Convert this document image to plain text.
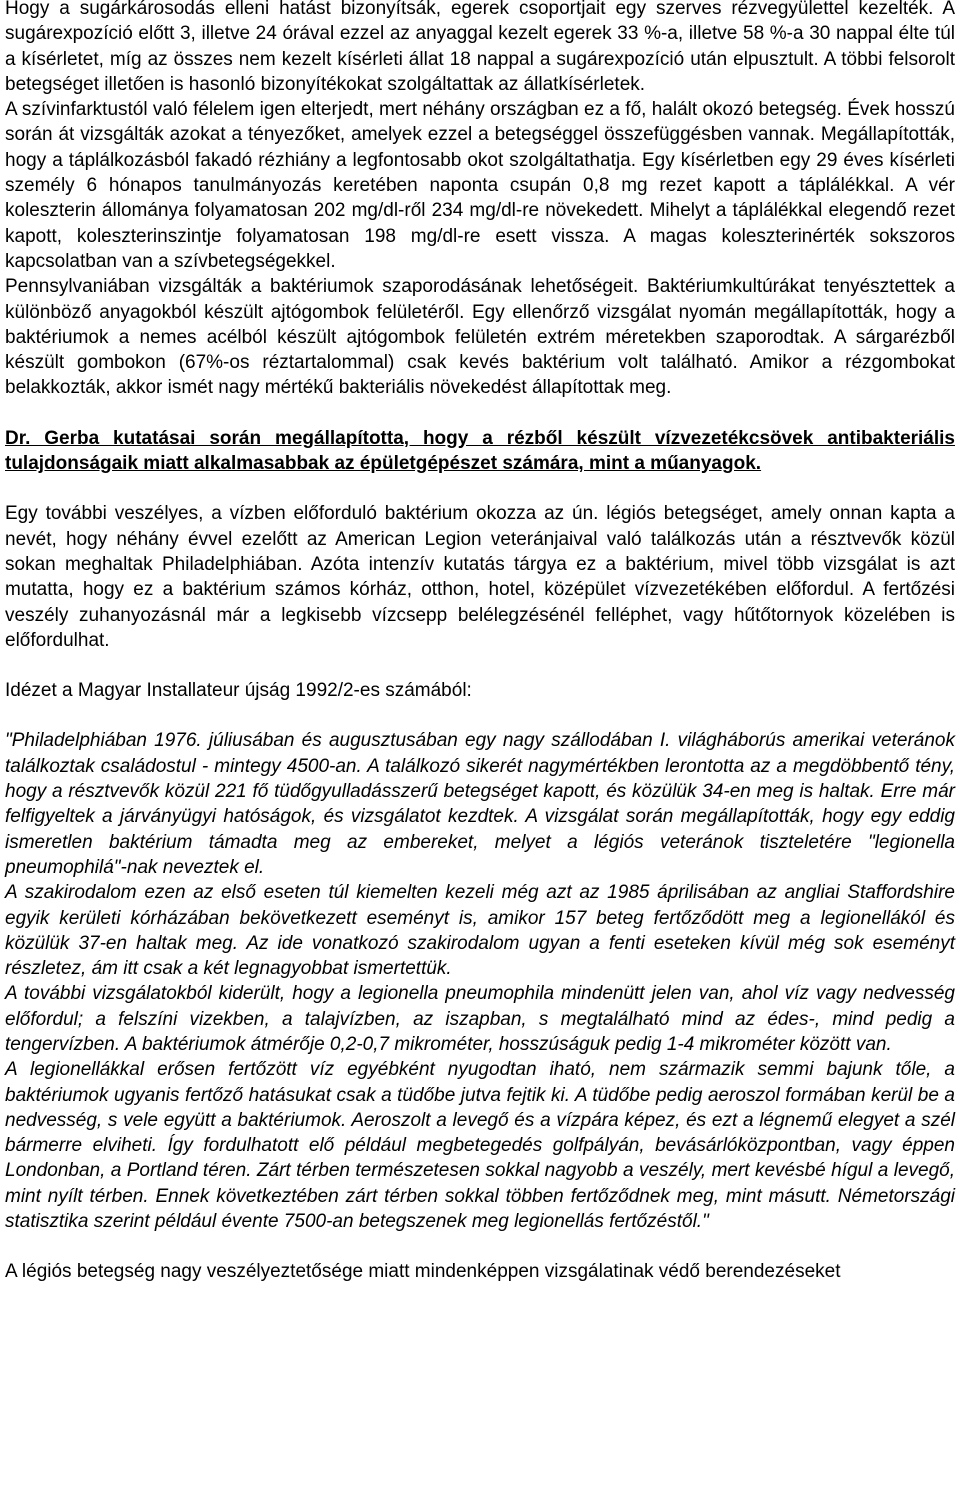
Hogy a sugárkárosodás elleni hatást bizonyítsák, egerek csoportjait egy szerves rézvegyülettel kezelték. A sugárexpozíció előtt 3, illetve 24 órával ezzel az anyaggal kezelt egerek 33 %-a, illetve 58 %-a 30 nappal élte túl a kísérletet, míg az összes nem kezelt kísérleti állat 18 nappal a sugárexpozíció után elpusztult. A többi felsorolt betegséget illetően is hasonló bizonyítékokat szolgáltattak az állatkísérletek.

A szívinfarktustól való félelem igen elterjedt, mert néhány országban ez a fő, halált okozó betegség. Évek hosszú során át vizsgálták azokat a tényezőket, amelyek ezzel a betegséggel összefüggésben vannak. Megállapították, hogy a táplálkozásból fakadó rézhiány a legfontosabb okot szolgáltathatja. Egy kísérletben egy 29 éves kísérleti személy 6 hónapos tanulmányozás keretében naponta csupán 0,8 mg rezet kapott a táplálékkal. A vér koleszterin állománya folyamatosan 202 mg/dl-ről 234 mg/dl-re növekedett. Mihelyt a táplálékkal elegendő rezet kapott, koleszterinszintje folyamatosan 198 mg/dl-re esett vissza. A magas koleszterinérték sokszoros kapcsolatban van a szívbetegségekkel.

Pennsylvaniában vizsgálták a baktériumok szaporodásának lehetőségeit. Baktériumkultúrákat tenyésztettek a különböző anyagokból készült ajtógombok felületéről. Egy ellenőrző vizsgálat nyomán megállapították, hogy a baktériumok a nemes acélból készült ajtógombok felületén extrém méretekben szaporodtak. A sárgarézből készült gombokon (67%-os réztartalommal) csak kevés baktérium volt található. Amikor a rézgombokat belakkozták, akkor ismét nagy mértékű bakteriális növekedést állapítottak meg.

Dr. Gerba kutatásai során megállapította, hogy a rézből készült vízvezetékcsövek antibakteriális tulajdonságaik miatt alkalmasabbak az épületgépészet számára, mint a műanyagok.

Egy további veszélyes, a vízben előforduló baktérium okozza az ún. légiós betegséget, amely onnan kapta a nevét, hogy néhány évvel ezelőtt az American Legion veteránjaival való találkozás után a résztvevők közül sokan meghaltak Philadelphiában. Azóta intenzív kutatás tárgya ez a baktérium, mivel több vizsgálat is azt mutatta, hogy ez a baktérium számos kórház, otthon, hotel, középület vízvezetékében előfordul. A fertőzési veszély zuhanyozásnál már a legkisebb vízcsepp belélegzésénél felléphet, vagy hűtőtornyok közelében is előfordulhat.

Idézet a Magyar Installateur újság 1992/2-es számából:

"Philadelphiában 1976. júliusában és augusztusában egy nagy szállodában I. világháborús amerikai veteránok találkoztak családostul - mintegy 4500-an. A találkozó sikerét nagymértékben lerontotta az a megdöbbentő tény, hogy a résztvevők közül 221 fő tüdőgyulladásszerű betegséget kapott, és közülük 34-en meg is haltak. Erre már felfigyeltek a járványügyi hatóságok, és vizsgálatot kezdtek. A vizsgálat során megállapították, hogy egy eddig ismeretlen baktérium támadta meg az embereket, melyet a légiós veteránok tiszteletére "legionella pneumophilá"-nak neveztek el.

A szakirodalom ezen az első eseten túl kiemelten kezeli még azt az 1985 áprilisában az angliai Staffordshire egyik kerületi kórházában bekövetkezett eseményt is, amikor 157 beteg fertőződött meg a legionellákól és közülük 37-en haltak meg. Az ide vonatkozó szakirodalom ugyan a fenti eseteken kívül még sok eseményt részletez, ám itt csak a két legnagyobbat ismertettük.

A további vizsgálatokból kiderült, hogy a legionella pneumophila mindenütt jelen van, ahol víz vagy nedvesség előfordul; a felszíni vizekben, a talajvízben, az iszapban, s megtalálható mind az édes-, mind pedig a tengervízben. A baktériumok átmérője 0,2-0,7 mikrométer, hosszúságuk pedig 1-4 mikrométer között van.

A legionellákkal erősen fertőzött víz egyébként nyugodtan iható, nem származik semmi bajunk tőle, a baktériumok ugyanis fertőző hatásukat csak a tüdőbe jutva fejtik ki. A tüdőbe pedig aeroszol formában kerül be a nedvesség, s vele együtt a baktériumok. Aeroszolt a levegő és a vízpára képez, és ezt a légnemű elegyet a szél bármerre elviheti. Így fordulhatott elő például megbetegedés golfpályán, bevásárlóközpontban, vagy éppen Londonban, a Portland téren. Zárt térben természetesen sokkal nagyobb a veszély, mert kevésbé hígul a levegő, mint nyílt térben. Ennek következtében zárt térben sokkal többen fertőződnek meg, mint másutt. Németországi statisztika szerint például évente 7500-an betegszenek meg legionellás fertőzéstől."

A légiós betegség nagy veszélyeztetősége miatt mindenképpen vizsgálatinak védő berendezéseket
